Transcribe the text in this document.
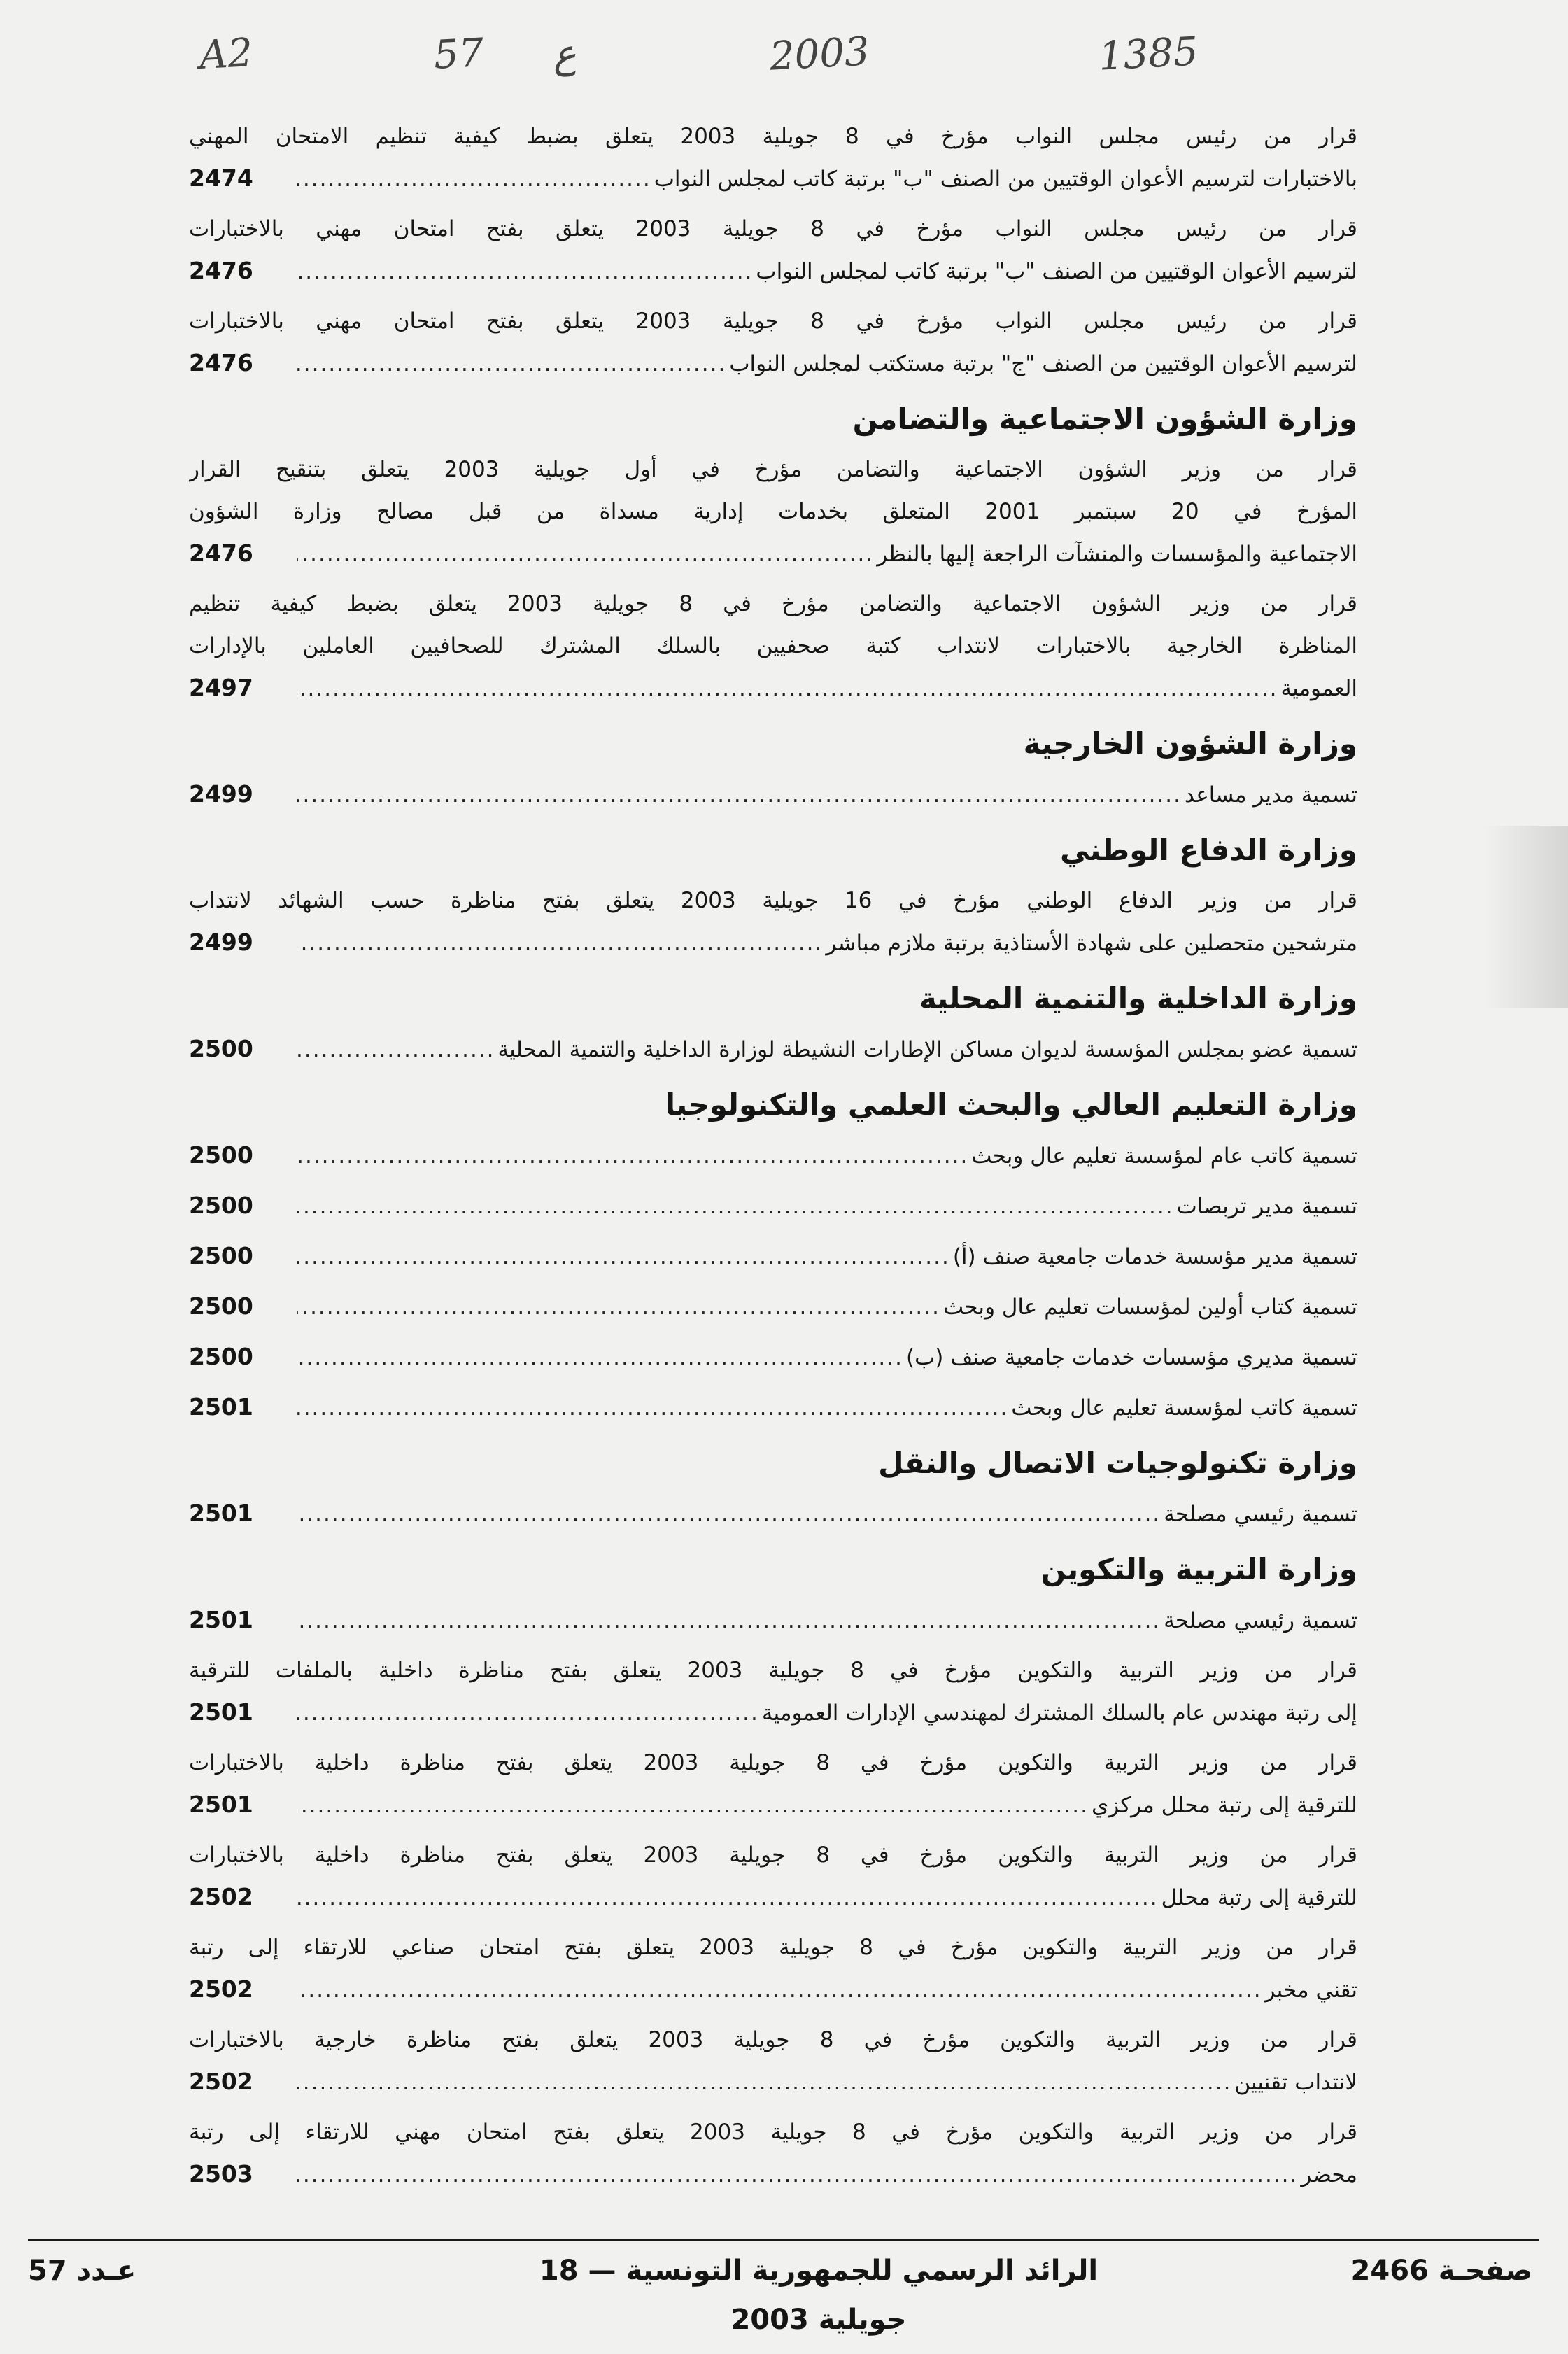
A2	57 ع	2003	1385
قرار من رئيس مجلس النواب مؤرخ في 8 جويلية 2003 يتعلق بضبط كيفية تنظيم الامتحان المهني
بالاختبارات لترسيم الأعوان الوقتيين من الصنف "ب" برتبة كاتب لمجلس النواب
.....
2474
قرار من رئيس مجلس النواب مؤرخ في 8 جويلية 2003 يتعلق بفتح امتحان مهني بالاختبارات
لترسيم الأعوان الوقتيين من الصنف "ب" برتبة كاتب لمجلس النواب
.....
2476
قرار من رئيس مجلس النواب مؤرخ في 8 جويلية 2003 يتعلق بفتح امتحان مهني بالاختبارات
لترسيم الأعوان الوقتيين من الصنف "ج" برتبة مستكتب لمجلس النواب
.....
2476
وزارة الشؤون الاجتماعية والتضامن
قرار من وزير الشؤون الاجتماعية والتضامن مؤرخ في أول جويلية 2003 يتعلق بتنقيح القرار
المؤرخ في 20 سبتمبر 2001 المتعلق بخدمات إدارية مسداة من قبل مصالح وزارة الشؤون
الاجتماعية والمؤسسات والمنشآت الراجعة إليها بالنظر
.....
2476
قرار من وزير الشؤون الاجتماعية والتضامن مؤرخ في 8 جويلية 2003 يتعلق بضبط كيفية تنظيم
المناظرة الخارجية بالاختبارات لانتداب كتبة صحفيين بالسلك المشترك للصحافيين العاملين بالإدارات
العمومية
.....
2497
وزارة الشؤون الخارجية
تسمية مدير مساعد
.....
2499
وزارة الدفاع الوطني
قرار من وزير الدفاع الوطني مؤرخ في 16 جويلية 2003 يتعلق بفتح مناظرة حسب الشهائد لانتداب
مترشحين متحصلين على شهادة الأستاذية برتبة ملازم مباشر
.....
2499
وزارة الداخلية والتنمية المحلية
تسمية عضو بمجلس المؤسسة لديوان مساكن الإطارات النشيطة لوزارة الداخلية والتنمية المحلية
.....
2500
وزارة التعليم العالي والبحث العلمي والتكنولوجيا
تسمية كاتب عام لمؤسسة تعليم عال وبحث
.....
2500
تسمية مدير تربصات
.....
2500
تسمية مدير مؤسسة خدمات جامعية صنف (أ)
.....
2500
تسمية كتاب أولين لمؤسسات تعليم عال وبحث
.....
2500
تسمية مديري مؤسسات خدمات جامعية صنف (ب)
.....
2500
تسمية كاتب لمؤسسة تعليم عال وبحث
.....
2501
وزارة تكنولوجيات الاتصال والنقل
تسمية رئيسي مصلحة
.....
2501
وزارة التربية والتكوين
تسمية رئيسي مصلحة
.....
2501
قرار من وزير التربية والتكوين مؤرخ في 8 جويلية 2003 يتعلق بفتح مناظرة داخلية بالملفات للترقية
إلى رتبة مهندس عام بالسلك المشترك لمهندسي الإدارات العمومية
.....
2501
قرار من وزير التربية والتكوين مؤرخ في 8 جويلية 2003 يتعلق بفتح مناظرة داخلية بالاختبارات
للترقية إلى رتبة محلل مركزي
.....
2501
قرار من وزير التربية والتكوين مؤرخ في 8 جويلية 2003 يتعلق بفتح مناظرة داخلية بالاختبارات
للترقية إلى رتبة محلل
.....
2502
قرار من وزير التربية والتكوين مؤرخ في 8 جويلية 2003 يتعلق بفتح امتحان صناعي للارتقاء إلى رتبة
تقني مخبر
.....
2502
قرار من وزير التربية والتكوين مؤرخ في 8 جويلية 2003 يتعلق بفتح مناظرة خارجية بالاختبارات
لانتداب تقنيين
.....
2502
قرار من وزير التربية والتكوين مؤرخ في 8 جويلية 2003 يتعلق بفتح امتحان مهني للارتقاء إلى رتبة
محضر
.....
2503
عـدد 57	الرائد الرسمي للجمهورية التونسية — 18 جويلية 2003
صفحـة 2466
